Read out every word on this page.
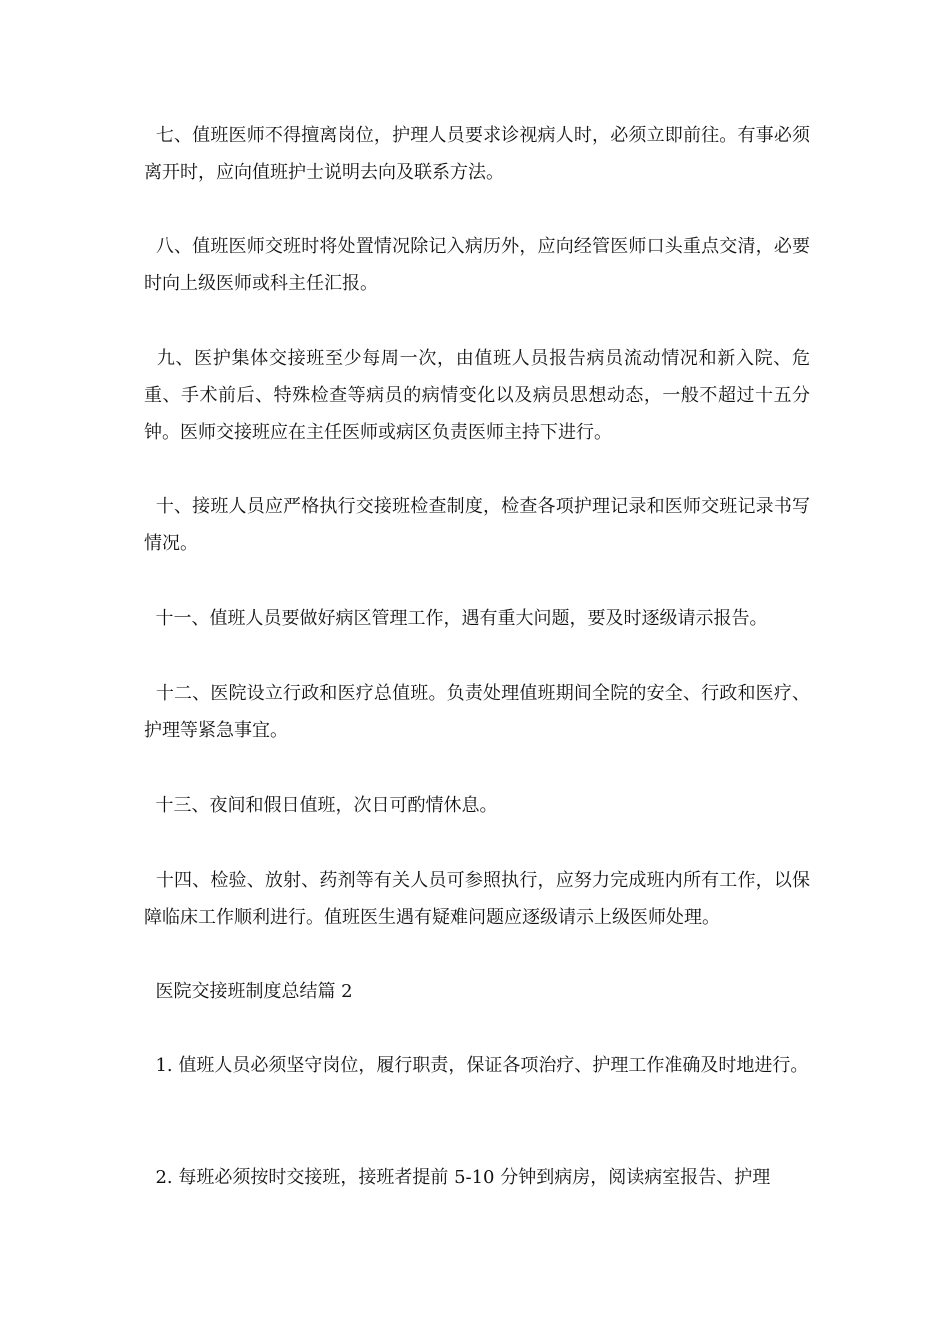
七、值班医师不得擅离岗位，护理人员要求诊视病人时，必须立即前往。有事必须离开时，应向值班护士说明去向及联系方法。

八、值班医师交班时将处置情况除记入病历外，应向经管医师口头重点交清，必要时向上级医师或科主任汇报。

九、医护集体交接班至少每周一次，由值班人员报告病员流动情况和新入院、危重、手术前后、特殊检查等病员的病情变化以及病员思想动态，一般不超过十五分钟。医师交接班应在主任医师或病区负责医师主持下进行。

十、接班人员应严格执行交接班检查制度，检查各项护理记录和医师交班记录书写情况。

十一、值班人员要做好病区管理工作，遇有重大问题，要及时逐级请示报告。

十二、医院设立行政和医疗总值班。负责处理值班期间全院的安全、行政和医疗、护理等紧急事宜。

十三、夜间和假日值班，次日可酌情休息。

十四、检验、放射、药剂等有关人员可参照执行，应努力完成班内所有工作，以保障临床工作顺利进行。值班医生遇有疑难问题应逐级请示上级医师处理。

医院交接班制度总结篇 2

1. 值班人员必须坚守岗位，履行职责，保证各项治疗、护理工作准确及时地进行。

2. 每班必须按时交接班，接班者提前 5-10 分钟到病房，阅读病室报告、护理
